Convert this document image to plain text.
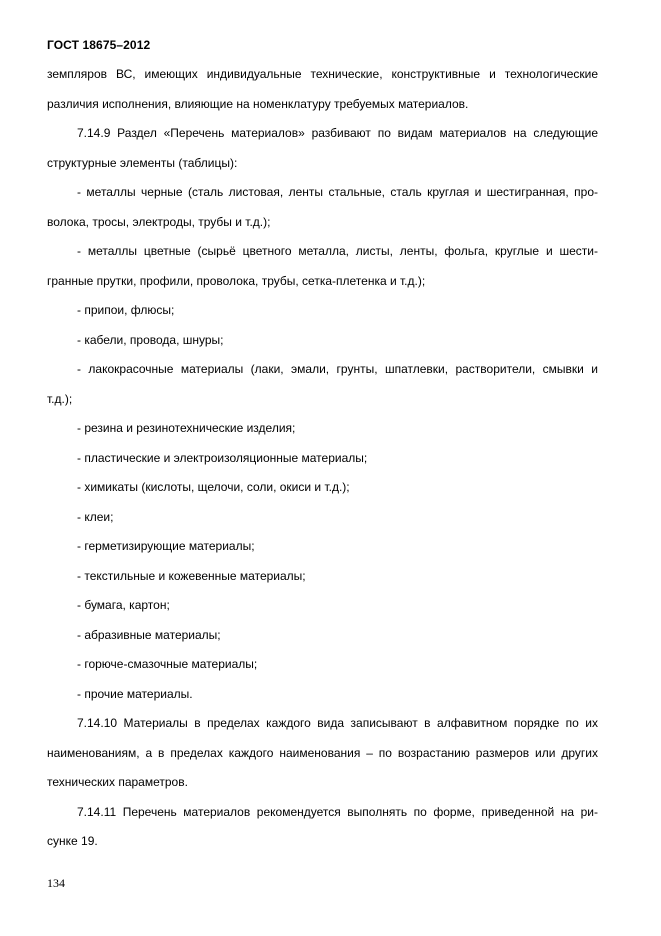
ГОСТ 18675–2012
земпляров ВС, имеющих индивидуальные технические, конструктивные и технологические
различия исполнения, влияющие на номенклатуру требуемых материалов.
7.14.9 Раздел «Перечень материалов» разбивают по видам материалов на следующие
структурные элементы (таблицы):
- металлы черные (сталь листовая, ленты стальные, сталь круглая и шестигранная, про-
волока, тросы, электроды, трубы и т.д.);
- металлы цветные (сырьё цветного металла, листы, ленты, фольга, круглые и шести-
гранные прутки, профили, проволока, трубы, сетка-плетенка и т.д.);
- припои, флюсы;
- кабели, провода, шнуры;
- лакокрасочные материалы (лаки, эмали, грунты, шпатлевки, растворители, смывки и
т.д.);
- резина и резинотехнические изделия;
- пластические и электроизоляционные материалы;
- химикаты (кислоты, щелочи, соли, окиси и т.д.);
- клеи;
- герметизирующие материалы;
- текстильные и кожевенные материалы;
- бумага, картон;
- абразивные материалы;
- горюче-смазочные материалы;
- прочие материалы.
7.14.10 Материалы в пределах каждого вида записывают в алфавитном порядке по их
наименованиям, а в пределах каждого наименования – по возрастанию размеров или других
технических параметров.
7.14.11 Перечень материалов рекомендуется выполнять по форме, приведенной на ри-
сунке 19.
134
